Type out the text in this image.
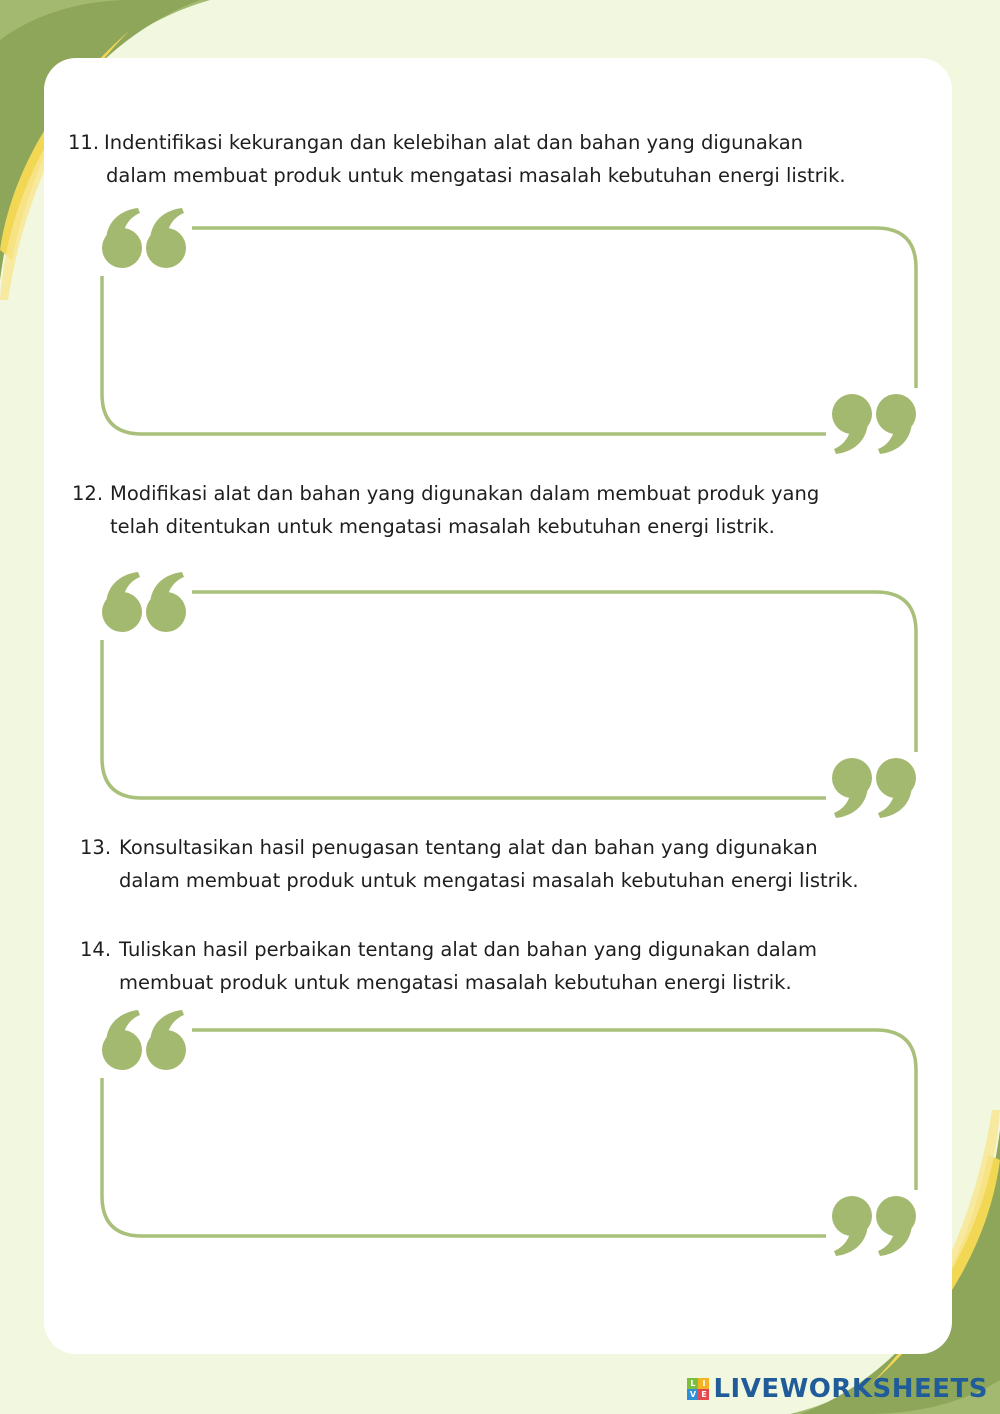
11. Indentifikasi kekurangan dan kelebihan alat dan bahan yang digunakan
dalam membuat produk untuk mengatasi masalah kebutuhan energi listrik.
12. Modifikasi alat dan bahan yang digunakan dalam membuat produk yang
telah ditentukan untuk mengatasi masalah kebutuhan energi listrik.
13. Konsultasikan hasil penugasan tentang alat dan bahan yang digunakan
dalam membuat produk untuk mengatasi masalah kebutuhan energi listrik.
14. Tuliskan hasil perbaikan tentang alat dan bahan yang digunakan dalam
membuat produk untuk mengatasi masalah kebutuhan energi listrik.
L I
V E LIVEWORKSHEETS
